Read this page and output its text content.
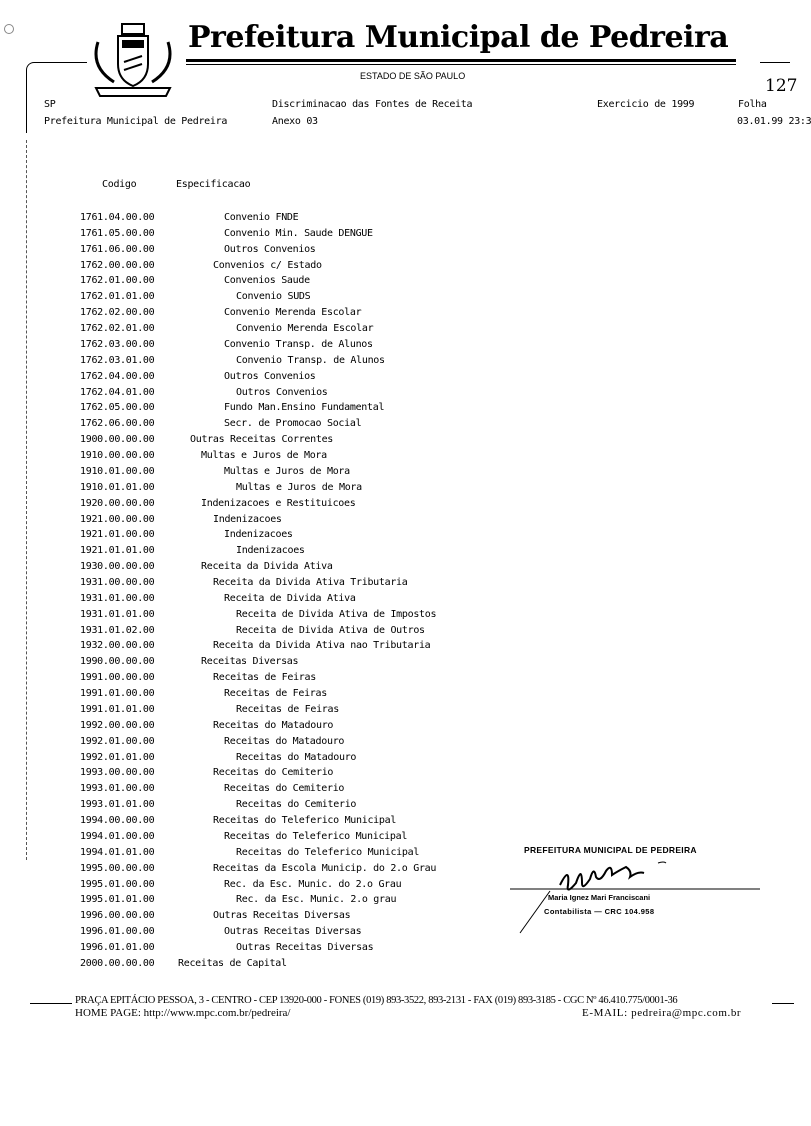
Prefeitura Municipal de Pedreira
ESTADO DE SÃO PAULO	127
SP
Prefeitura Municipal de Pedreira
Discriminacao das Fontes de Receita
Anexo 03
Exercicio de 1999	Folha
03.01.99 23:3
Codigo	Especificacao
1761.04.00.00	Convenio FNDE
1761.05.00.00	Convenio Min. Saude DENGUE
1761.06.00.00	Outros Convenios
1762.00.00.00	Convenios c/ Estado
1762.01.00.00	Convenios Saude
1762.01.01.00	Convenio SUDS
1762.02.00.00	Convenio Merenda Escolar
1762.02.01.00	Convenio Merenda Escolar
1762.03.00.00	Convenio Transp. de Alunos
1762.03.01.00	Convenio Transp. de Alunos
1762.04.00.00	Outros Convenios
1762.04.01.00	Outros Convenios
1762.05.00.00	Fundo Man.Ensino Fundamental
1762.06.00.00	Secr. de Promocao Social
1900.00.00.00	Outras Receitas Correntes
1910.00.00.00	Multas e Juros de Mora
1910.01.00.00	Multas e Juros de Mora
1910.01.01.00	Multas e Juros de Mora
1920.00.00.00	Indenizacoes e Restituicoes
1921.00.00.00	Indenizacoes
1921.01.00.00	Indenizacoes
1921.01.01.00	Indenizacoes
1930.00.00.00	Receita da Divida Ativa
1931.00.00.00	Receita da Divida Ativa Tributaria
1931.01.00.00	Receita de Divida Ativa
1931.01.01.00	Receita de Divida Ativa de Impostos
1931.01.02.00	Receita de Divida Ativa de Outros
1932.00.00.00	Receita da Divida Ativa nao Tributaria
1990.00.00.00	Receitas Diversas
1991.00.00.00	Receitas de Feiras
1991.01.00.00	Receitas de Feiras
1991.01.01.00	Receitas de Feiras
1992.00.00.00	Receitas do Matadouro
1992.01.00.00	Receitas do Matadouro
1992.01.01.00	Receitas do Matadouro
1993.00.00.00	Receitas do Cemiterio
1993.01.00.00	Receitas do Cemiterio
1993.01.01.00	Receitas do Cemiterio
1994.00.00.00	Receitas do Teleferico Municipal
1994.01.00.00	Receitas do Teleferico Municipal
1994.01.01.00	Receitas do Teleferico Municipal
1995.00.00.00	Receitas da Escola Municip. do 2.o Grau
1995.01.00.00	Rec. da Esc. Munic. do 2.o Grau
1995.01.01.00	Rec. da Esc. Munic. 2.o grau
1996.00.00.00	Outras Receitas Diversas
1996.01.00.00	Outras Receitas Diversas
1996.01.01.00	Outras Receitas Diversas
2000.00.00.00 Receitas de Capital
PREFEITURA MUNICIPAL DE PEDREIRA
Maria Ignez Mari Franciscani
Contabilista — CRC 104.958
PRAÇA EPITÁCIO PESSOA, 3 - CENTRO - CEP 13920-000 - FONES (019) 893-3522, 893-2131 - FAX (019) 893-3185 - CGC Nº 46.410.775/0001-36
HOME PAGE: http://www.mpc.com.br/pedreira/	E-MAIL: pedreira@mpc.com.br
